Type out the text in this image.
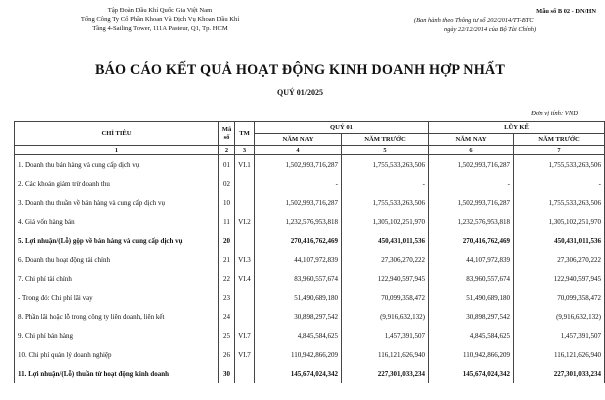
Tập Đoàn Dầu Khí Quốc Gia Việt Nam
Tổng Công Ty Cổ Phần Khoan Và Dịch Vụ Khoan Dầu Khí
Tầng 4-Sailing Tower, 111A Pasteur, Q1, Tp. HCM
Mẫu số B 02 - DN/HN
(Ban hành theo Thông tư số 202/2014/TT-BTC
ngày 22/12/2014 của Bộ Tài Chính)
BÁO CÁO KẾT QUẢ HOẠT ĐỘNG KINH DOANH HỢP NHẤT
QUÝ 01/2025
Đơn vị tính: VND
CHỈ TIÊU	Mã số	TM	QUÝ 01		LŨY KẾ	
			NĂM NAY	NĂM TRƯỚC	NĂM NAY	NĂM TRƯỚC
1	2	3	4	5	6	7
1. Doanh thu bán hàng và cung cấp dịch vụ	01	VI.1	1,502,993,716,287	1,755,533,263,506	1,502,993,716,287	1,755,533,263,506
2. Các khoản giảm trừ doanh thu	02		-	-	-	-
3. Doanh thu thuần về bán hàng và cung cấp dịch vụ	10		1,502,993,716,287	1,755,533,263,506	1,502,993,716,287	1,755,533,263,506
4. Giá vốn hàng bán	11	VI.2	1,232,576,953,818	1,305,102,251,970	1,232,576,953,818	1,305,102,251,970
5. Lợi nhuận/(Lỗ) gộp về bán hàng và cung cấp dịch vụ	20		270,416,762,469	450,431,011,536	270,416,762,469	450,431,011,536
6. Doanh thu hoạt động tài chính	21	VI.3	44,107,972,839	27,306,270,222	44,107,972,839	27,306,270,222
7. Chi phí tài chính	22	VI.4	83,960,557,674	122,940,597,945	83,960,557,674	122,940,597,945
- Trong đó: Chi phí lãi vay	23		51,490,689,180	70,099,358,472	51,490,689,180	70,099,358,472
8. Phần lãi hoặc lỗ trong công ty liên doanh, liên kết	24		30,898,297,542	(9,916,632,132)	30,898,297,542	(9,916,632,132)
9. Chi phí bán hàng	25	VI.7	4,845,584,625	1,457,391,507	4,845,584,625	1,457,391,507
10. Chi phí quản lý doanh nghiệp	26	VI.7	110,942,866,209	116,121,626,940	110,942,866,209	116,121,626,940
11. Lợi nhuận/(Lỗ) thuần từ hoạt động kinh doanh	30		145,674,024,342	227,301,033,234	145,674,024,342	227,301,033,234
